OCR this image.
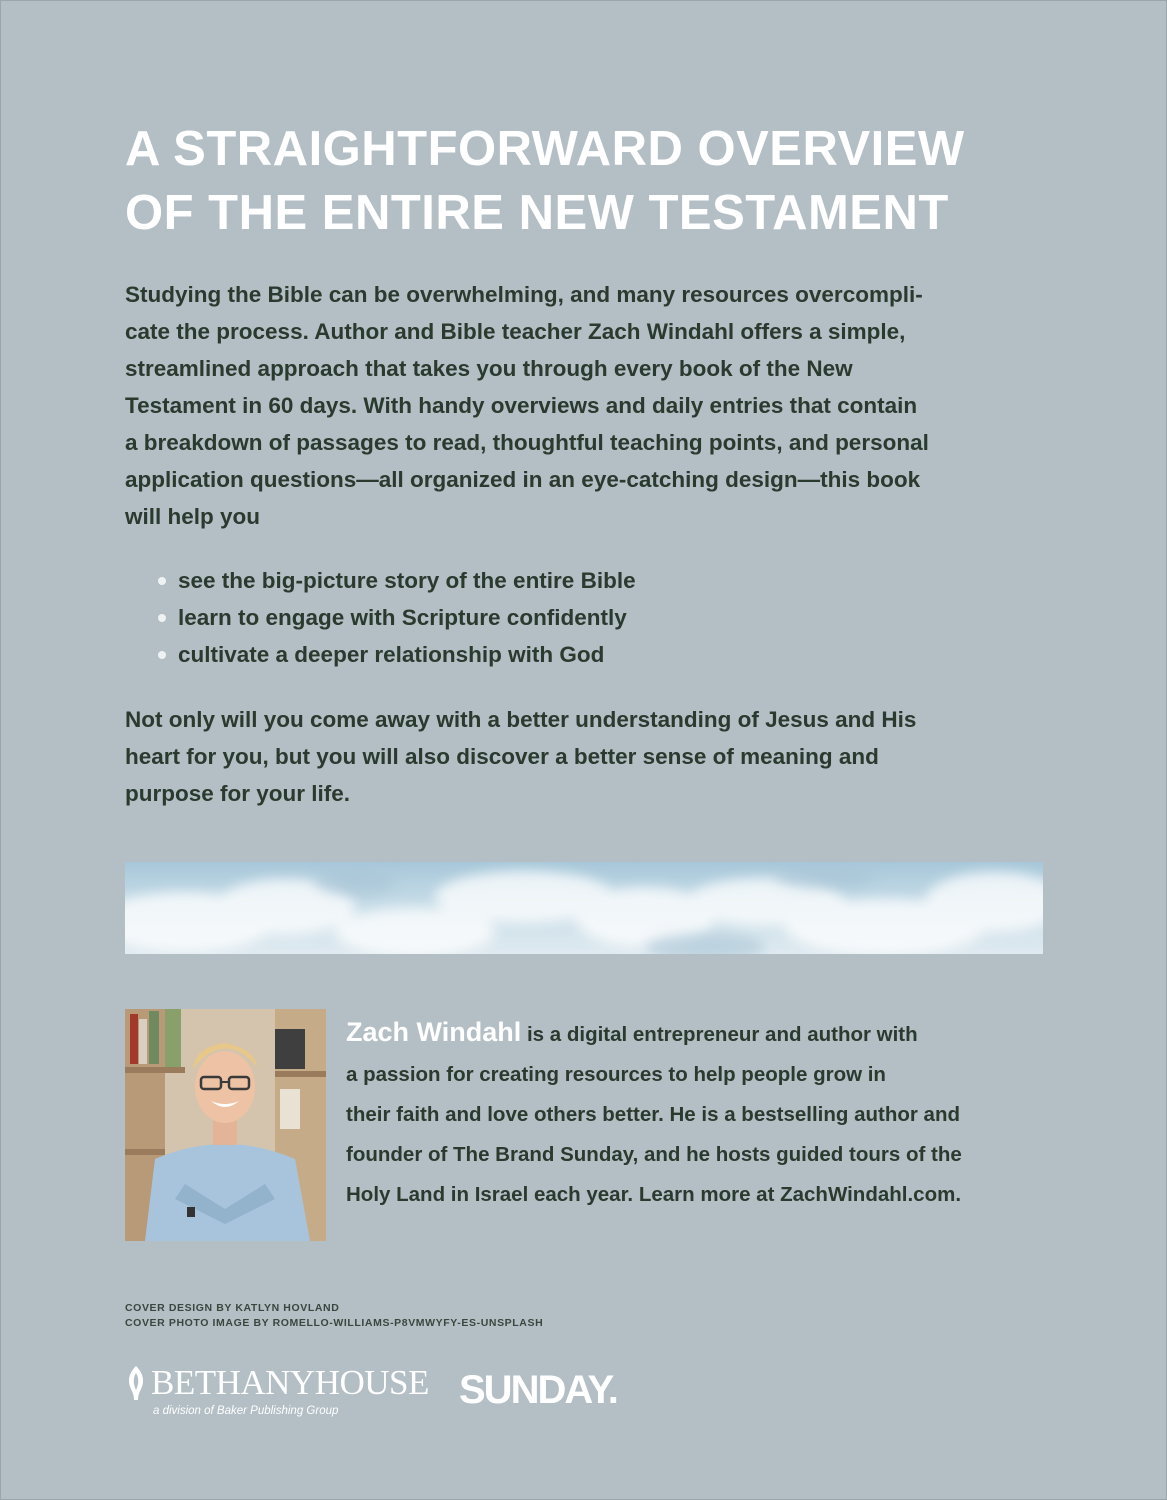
A STRAIGHTFORWARD OVERVIEW
OF THE ENTIRE NEW TESTAMENT

Studying the Bible can be overwhelming, and many resources overcompli-
cate the process. Author and Bible teacher Zach Windahl offers a simple,
streamlined approach that takes you through every book of the New
Testament in 60 days. With handy overviews and daily entries that contain
a breakdown of passages to read, thoughtful teaching points, and personal
application questions—all organized in an eye-catching design—this book
will help you

see the big-picture story of the entire Bible
learn to engage with Scripture confidently
cultivate a deeper relationship with God

Not only will you come away with a better understanding of Jesus and His
heart for you, but you will also discover a better sense of meaning and
purpose for your life.

Zach Windahl is a digital entrepreneur and author with
a passion for creating resources to help people grow in
their faith and love others better. He is a bestselling author and
founder of The Brand Sunday, and he hosts guided tours of the
Holy Land in Israel each year. Learn more at ZachWindahl.com.

COVER DESIGN BY KATLYN HOVLAND
COVER PHOTO IMAGE BY ROMELLO-WILLIAMS-P8VMWYFY-ES-UNSPLASH
BETHANYHOUSE
a division of Baker Publishing Group	SUNDAY.
